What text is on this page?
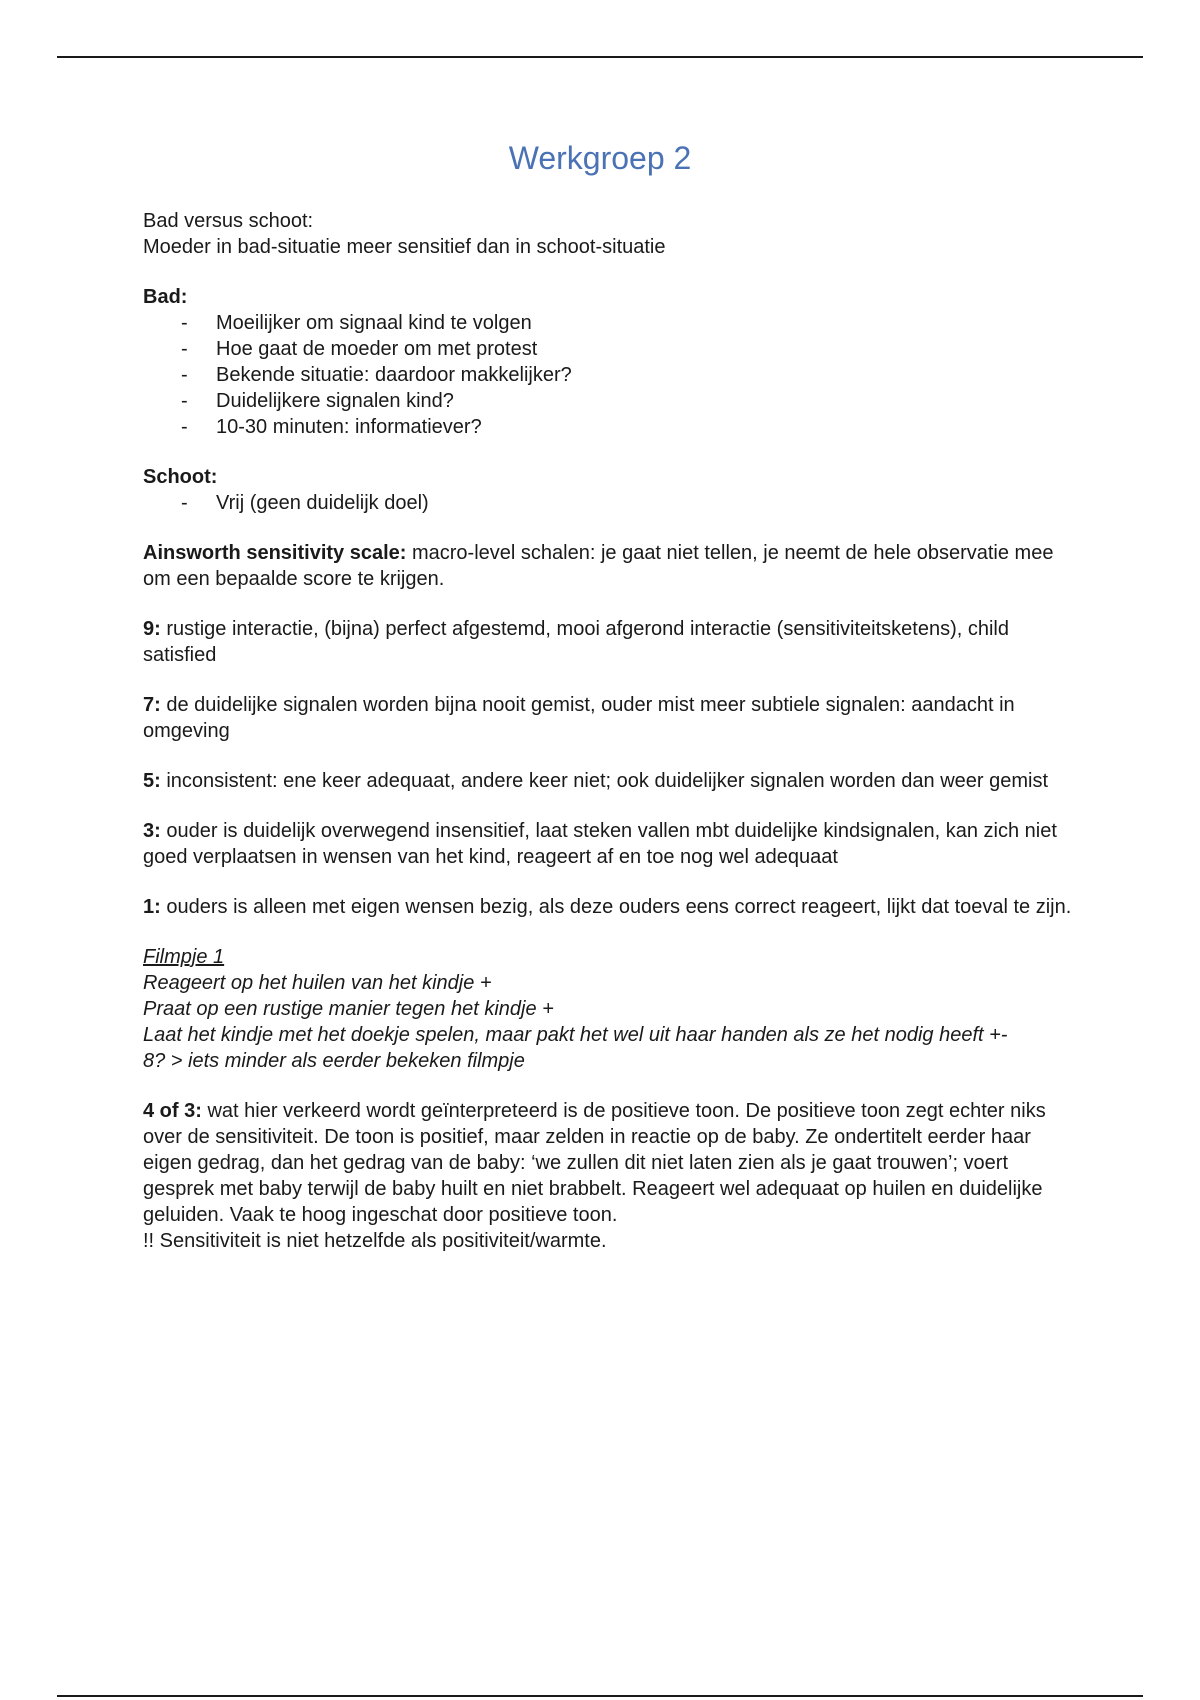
Werkgroep 2

Bad versus schoot:

Moeder in bad-situatie meer sensitief dan in schoot-situatie

Bad:

- Moeilijker om signaal kind te volgen
- Hoe gaat de moeder om met protest
- Bekende situatie: daardoor makkelijker?
- Duidelijkere signalen kind?
- 10-30 minuten: informatiever?

Schoot:

- Vrij (geen duidelijk doel)

Ainsworth sensitivity scale: macro-level schalen: je gaat niet tellen, je neemt de hele observatie mee om een bepaalde score te krijgen.

9: rustige interactie, (bijna) perfect afgestemd, mooi afgerond interactie (sensitiviteitsketens), child satisfied

7: de duidelijke signalen worden bijna nooit gemist, ouder mist meer subtiele signalen: aandacht in omgeving

5: inconsistent: ene keer adequaat, andere keer niet; ook duidelijker signalen worden dan weer gemist

3: ouder is duidelijk overwegend insensitief, laat steken vallen mbt duidelijke kindsignalen, kan zich niet goed verplaatsen in wensen van het kind, reageert af en toe nog wel adequaat

1: ouders is alleen met eigen wensen bezig, als deze ouders eens correct reageert, lijkt dat toeval te zijn.

Filmpje 1

Reageert op het huilen van het kindje +

Praat op een rustige manier tegen het kindje +

Laat het kindje met het doekje spelen, maar pakt het wel uit haar handen als ze het nodig heeft +-

8? > iets minder als eerder bekeken filmpje

4 of 3: wat hier verkeerd wordt geïnterpreteerd is de positieve toon. De positieve toon zegt echter niks over de sensitiviteit. De toon is positief, maar zelden in reactie op de baby. Ze ondertitelt eerder haar eigen gedrag, dan het gedrag van de baby: ‘we zullen dit niet laten zien als je gaat trouwen’; voert gesprek met baby terwijl de baby huilt en niet brabbelt. Reageert wel adequaat op huilen en duidelijke geluiden. Vaak te hoog ingeschat door positieve toon.

!! Sensitiviteit is niet hetzelfde als positiviteit/warmte.
